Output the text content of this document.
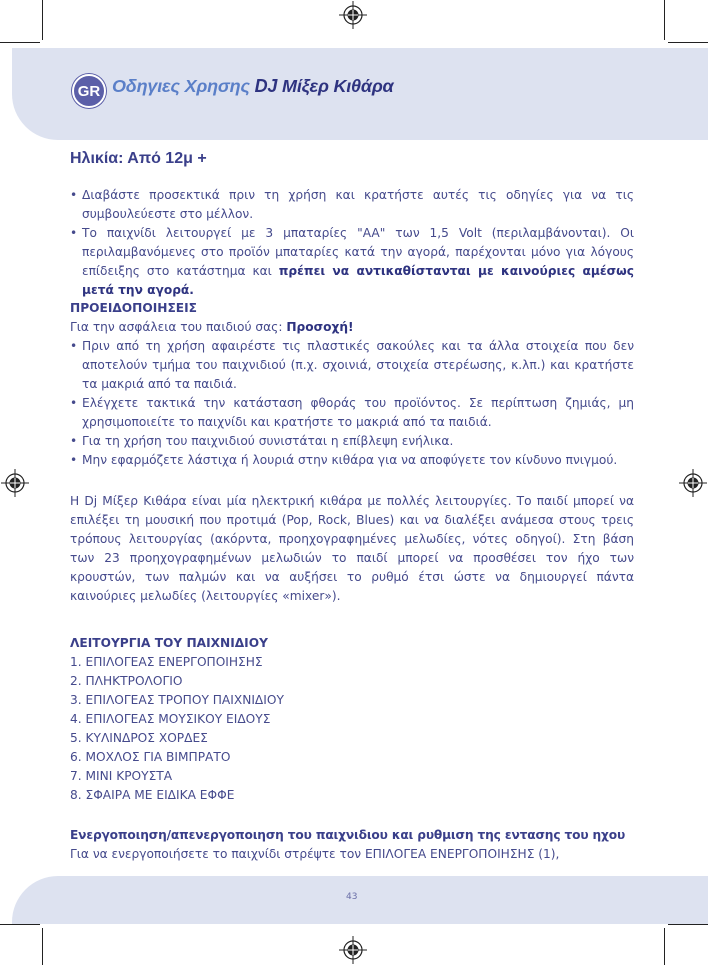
GR Οδηγιες Χρησης DJ Μίξερ Κιθάρα
Ηλικία: Από 12μ +
• Διαβάστε προσεκτικά πριν τη χρήση και κρατήστε αυτές τις οδηγίες για να τις συμβουλεύεστε στο μέλλον.
• Το παιχνίδι λειτουργεί με 3 μπαταρίες "AA" των 1,5 Volt (περιλαμβάνονται). Οι περιλαμβανόμενες στο προϊόν μπαταρίες κατά την αγορά, παρέχονται μόνο για λόγους επίδειξης στο κατάστημα και πρέπει να αντικαθίστανται με καινούριες αμέσως μετά την αγορά.
ΠΡΟΕΙΔΟΠΟΙΗΣΕΙΣ

Για την ασφάλεια του παιδιού σας: Προσοχή!

• Πριν από τη χρήση αφαιρέστε τις πλαστικές σακούλες και τα άλλα στοιχεία που δεν αποτελούν τμήμα του παιχνιδιού (π.χ. σχοινιά, στοιχεία στερέωσης, κ.λπ.) και κρατήστε τα μακριά από τα παιδιά.
• Ελέγχετε τακτικά την κατάσταση φθοράς του προϊόντος. Σε περίπτωση ζημιάς, μη χρησιμοποιείτε το παιχνίδι και κρατήστε το μακριά από τα παιδιά.
• Για τη χρήση του παιχνιδιού συνιστάται η επίβλεψη ενήλικα.
• Μην εφαρμόζετε λάστιχα ή λουριά στην κιθάρα για να αποφύγετε τον κίνδυνο πνιγμού.

Η Dj Μίξερ Κιθάρα είναι μία ηλεκτρική κιθάρα με πολλές λειτουργίες. Το παιδί μπορεί να επιλέξει τη μουσική που προτιμά (Pop, Rock, Blues) και να διαλέξει ανάμεσα στους τρεις τρόπους λειτουργίας (ακόρντα, προηχογραφημένες μελωδίες, νότες οδηγοί). Στη βάση των 23 προηχογραφημένων μελωδιών το παιδί μπορεί να προσθέσει τον ήχο των κρουστών, των παλμών και να αυξήσει το ρυθμό έτσι ώστε να δημιουργεί πάντα καινούριες μελωδίες (λειτουργίες «mixer»).

ΛΕΙΤΟΥΡΓΙΑ ΤΟΥ ΠΑΙΧΝΙΔΙΟΥ
1. ΕΠΙΛΟΓΕΑΣ ΕΝΕΡΓΟΠΟΙΗΣΗΣ
2. ΠΛΗΚΤΡΟΛΟΓΙΟ
3. ΕΠΙΛΟΓΕΑΣ ΤΡΟΠΟΥ ΠΑΙΧΝΙΔΙΟΥ
4. ΕΠΙΛΟΓΕΑΣ ΜΟΥΣΙΚΟΥ ΕΙΔΟΥΣ
5. ΚΥΛΙΝΔΡΟΣ ΧΟΡΔΕΣ
6. ΜΟΧΛΟΣ ΓΙΑ ΒΙΜΠΡΑΤΟ
7. ΜΙΝΙ ΚΡΟΥΣΤΑ
8. ΣΦΑΙΡΑ ΜΕ ΕΙΔΙΚΑ ΕΦΦΕ
Ενεργοποιηση/απενεργοποιηση του παιχνιδιου και ρυθμιση της εντασης του ηχου

Για να ενεργοποιήσετε το παιχνίδι στρέψτε τον ΕΠΙΛΟΓΕΑ ΕΝΕΡΓΟΠΟΙΗΣΗΣ (1),

43
